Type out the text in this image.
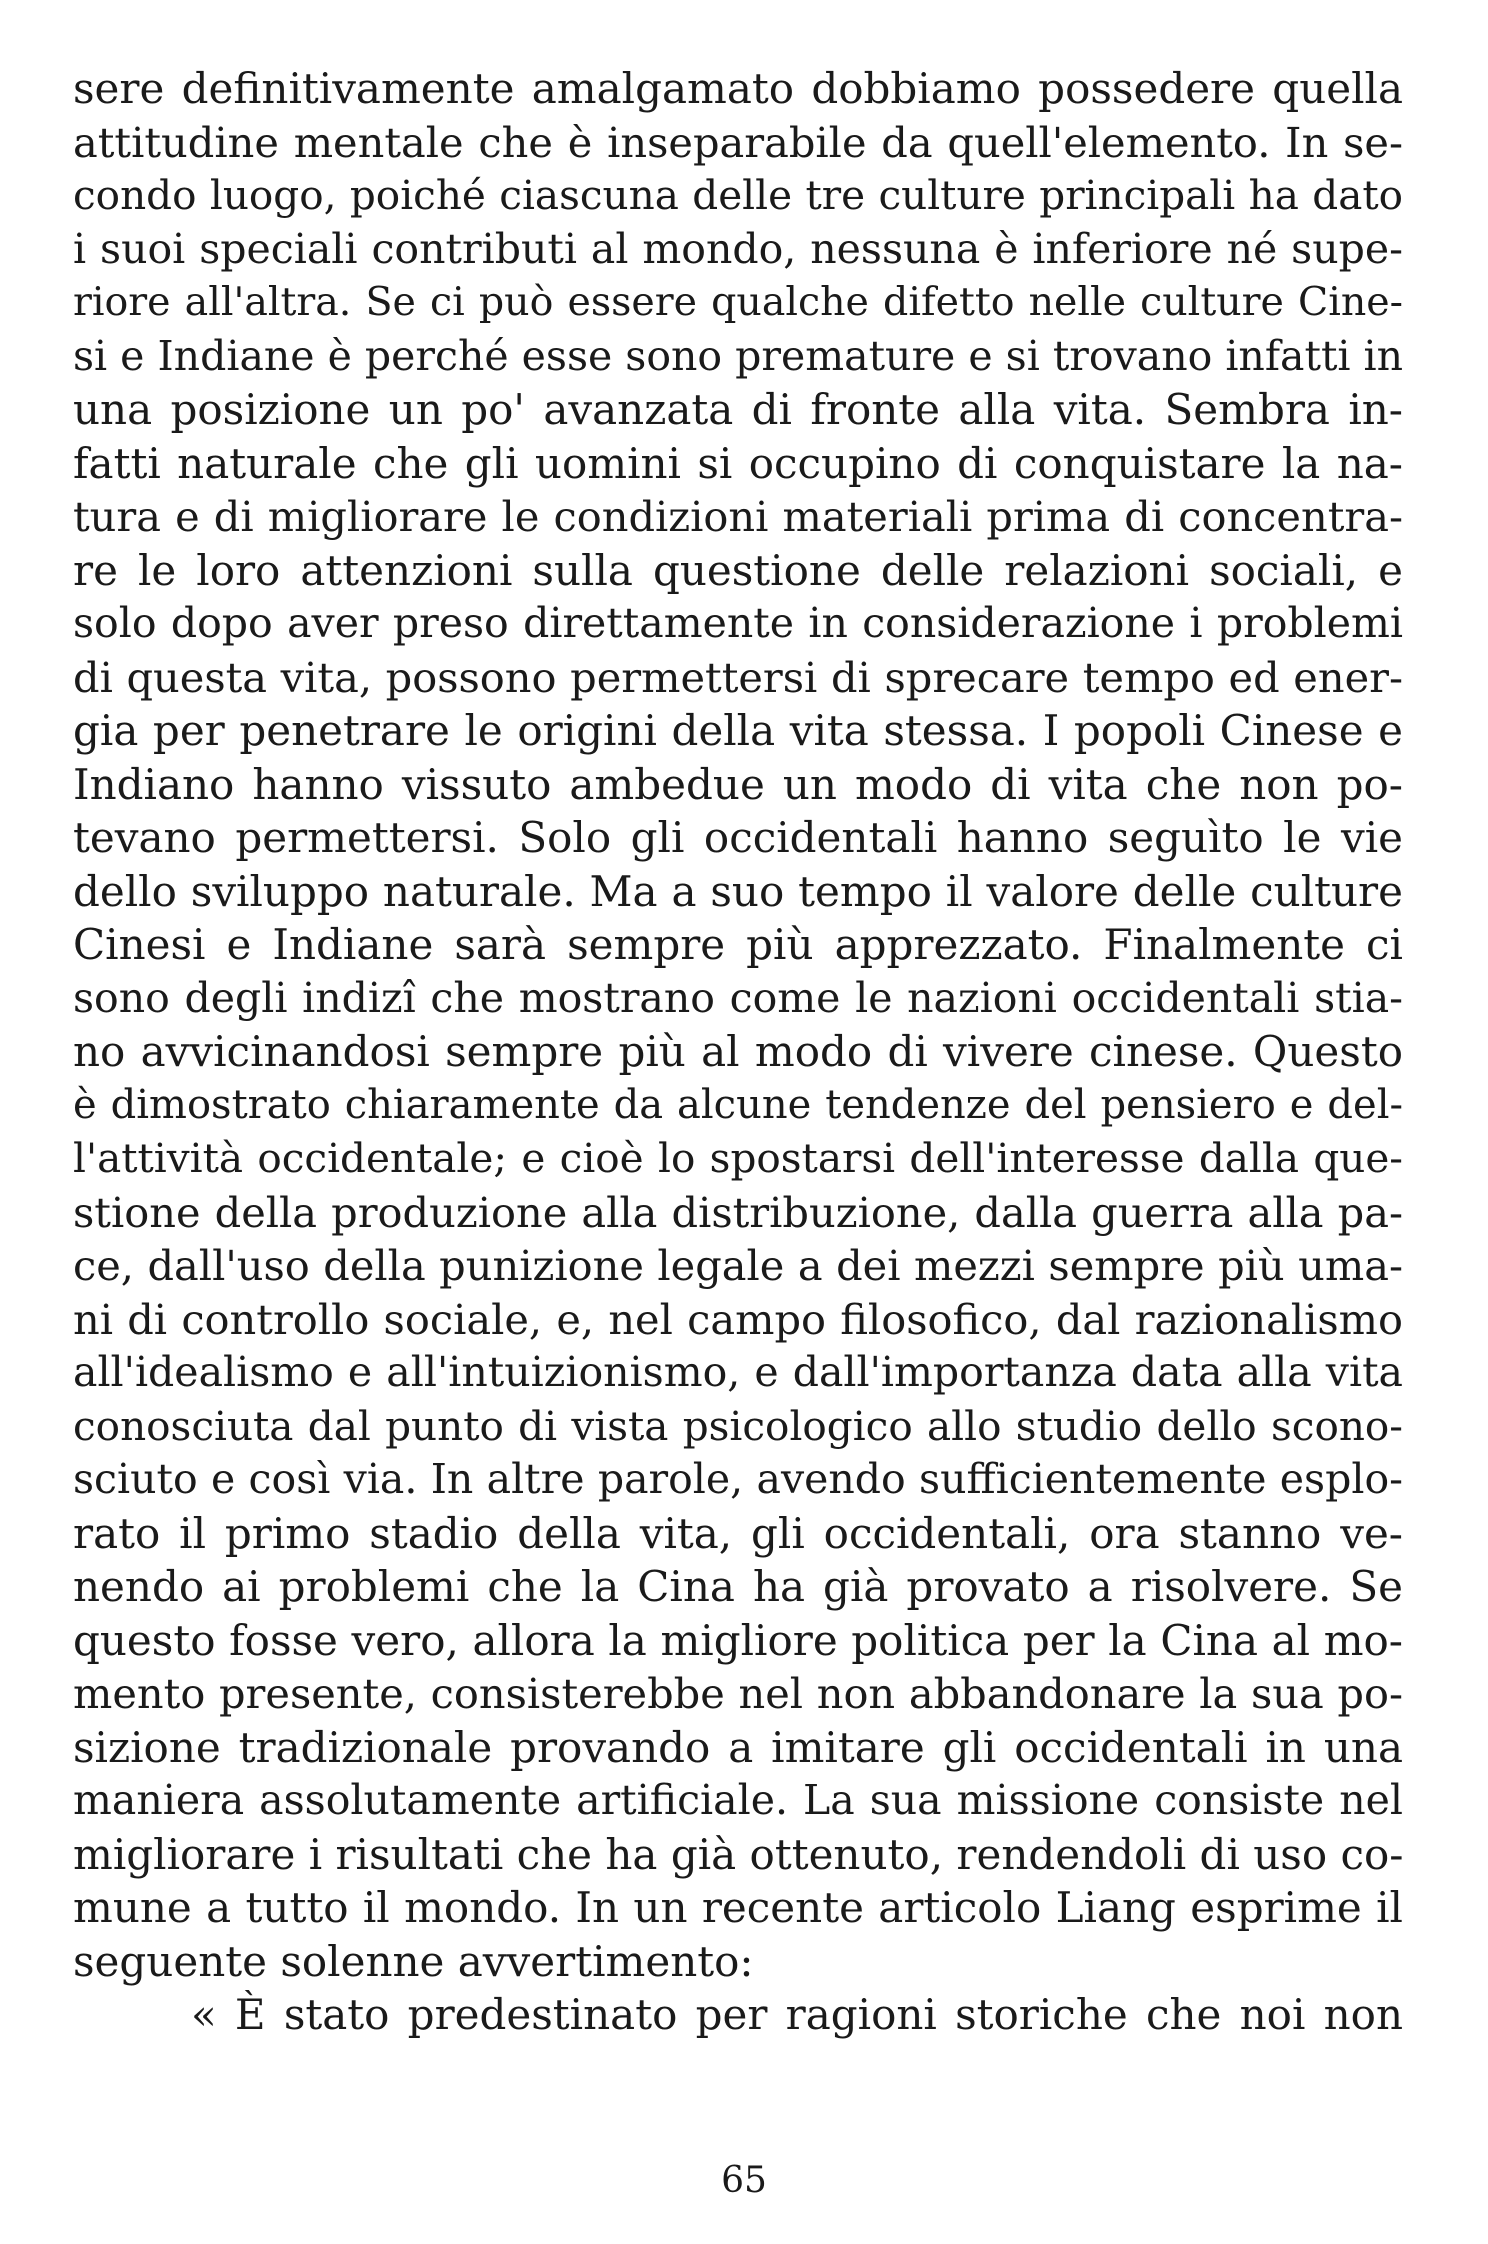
sere definitivamente amalgamato dobbiamo possedere quella
attitudine mentale che è inseparabile da quell'elemento. In se-
condo luogo, poiché ciascuna delle tre culture principali ha dato
i suoi speciali contributi al mondo, nessuna è inferiore né supe-
riore all'altra. Se ci può essere qualche difetto nelle culture Cine-
si e Indiane è perché esse sono premature e si trovano infatti in
una posizione un po' avanzata di fronte alla vita. Sembra in-
fatti naturale che gli uomini si occupino di conquistare la na-
tura e di migliorare le condizioni materiali prima di concentra-
re le loro attenzioni sulla questione delle relazioni sociali, e
solo dopo aver preso direttamente in considerazione i problemi
di questa vita, possono permettersi di sprecare tempo ed ener-
gia per penetrare le origini della vita stessa. I popoli Cinese e
Indiano hanno vissuto ambedue un modo di vita che non po-
tevano permettersi. Solo gli occidentali hanno seguìto le vie
dello sviluppo naturale. Ma a suo tempo il valore delle culture
Cinesi e Indiane sarà sempre più apprezzato. Finalmente ci
sono degli indizî che mostrano come le nazioni occidentali stia-
no avvicinandosi sempre più al modo di vivere cinese. Questo
è dimostrato chiaramente da alcune tendenze del pensiero e del-
l'attività occidentale; e cioè lo spostarsi dell'interesse dalla que-
stione della produzione alla distribuzione, dalla guerra alla pa-
ce, dall'uso della punizione legale a dei mezzi sempre più uma-
ni di controllo sociale, e, nel campo filosofico, dal razionalismo
all'idealismo e all'intuizionismo, e dall'importanza data alla vita
conosciuta dal punto di vista psicologico allo studio dello scono-
sciuto e così via. In altre parole, avendo sufficientemente esplo-
rato il primo stadio della vita, gli occidentali, ora stanno ve-
nendo ai problemi che la Cina ha già provato a risolvere. Se
questo fosse vero, allora la migliore politica per la Cina al mo-
mento presente, consisterebbe nel non abbandonare la sua po-
sizione tradizionale provando a imitare gli occidentali in una
maniera assolutamente artificiale. La sua missione consiste nel
migliorare i risultati che ha già ottenuto, rendendoli di uso co-
mune a tutto il mondo. In un recente articolo Liang esprime il
seguente solenne avvertimento:
« È stato predestinato per ragioni storiche che noi non
65
